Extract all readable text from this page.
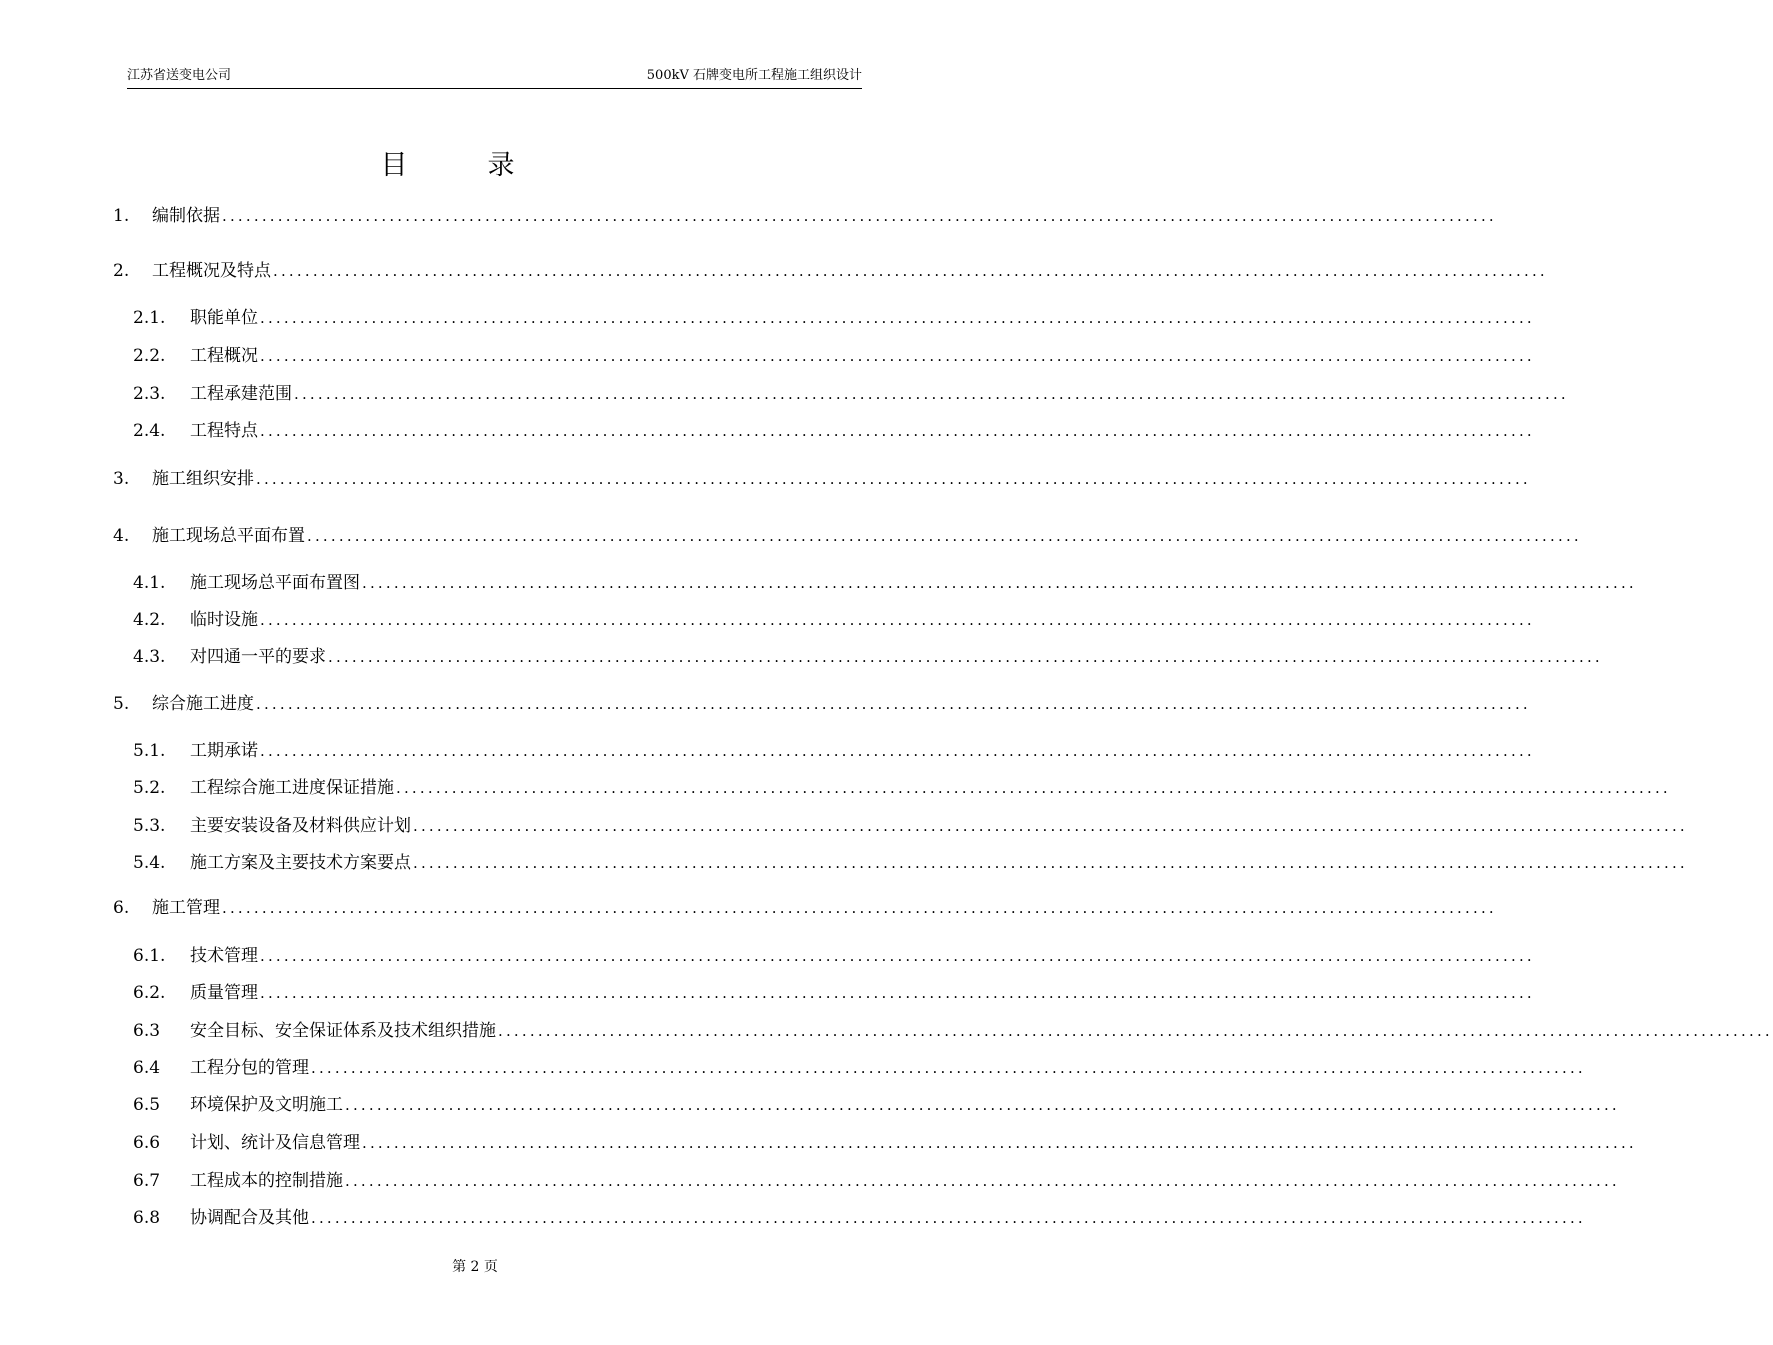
江苏省送变电公司	500kV 石牌变电所工程施工组织设计
目录
1. 编制依据 ................................................................................................................................................................
2. 工程概况及特点 ................................................................................................................................................................
2.1. 职能单位 ................................................................................................................................................................
2.2. 工程概况 ................................................................................................................................................................
2.3. 工程承建范围 ................................................................................................................................................................
2.4. 工程特点 ................................................................................................................................................................
3. 施工组织安排 ................................................................................................................................................................
4. 施工现场总平面布置 ................................................................................................................................................................
4.1. 施工现场总平面布置图 ................................................................................................................................................................
4.2. 临时设施 ................................................................................................................................................................
4.3. 对四通一平的要求 ................................................................................................................................................................
5. 综合施工进度 ................................................................................................................................................................
5.1. 工期承诺 ................................................................................................................................................................
5.2. 工程综合施工进度保证措施 ................................................................................................................................................................
5.3. 主要安装设备及材料供应计划 ................................................................................................................................................................
5.4. 施工方案及主要技术方案要点 ................................................................................................................................................................
6. 施工管理 ................................................................................................................................................................
6.1. 技术管理 ................................................................................................................................................................
6.2. 质量管理 ................................................................................................................................................................
6.3 安全目标、安全保证体系及技术组织措施 ................................................................................................................................................................
6.4 工程分包的管理 ................................................................................................................................................................
6.5 环境保护及文明施工 ................................................................................................................................................................
6.6 计划、统计及信息管理 ................................................................................................................................................................
6.7 工程成本的控制措施 ................................................................................................................................................................
6.8 协调配合及其他 ................................................................................................................................................................
第 2 页
